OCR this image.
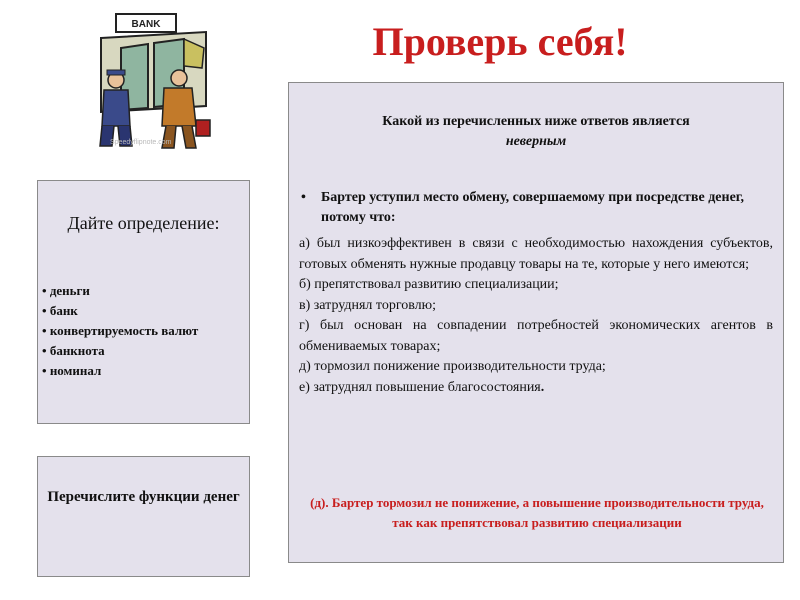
Проверь себя!
BANK
Speedyflipnote.com
Дайте определение:
• деньги
• банк
• конвертируемость валют
• банкнота
• номинал
Перечислите функции денег
Какой из перечисленных ниже ответов является
неверным
•	Бартер уступил место обмену, совершаемому при посредстве денег, потому что:
а) был низкоэффективен в связи с необходимостью нахождения субъектов, готовых обменять нужные продавцу товары на те, которые у него имеются;
б) препятствовал развитию специализации;
в) затруднял торговлю;
г) был основан на совпадении потребностей экономических агентов в обмениваемых товарах;
д) тормозил понижение производительности труда;
е) затруднял повышение благосостояния .
(д). Бартер тормозил не понижение, а повышение производительности труда, так как препятствовал развитию специализации
